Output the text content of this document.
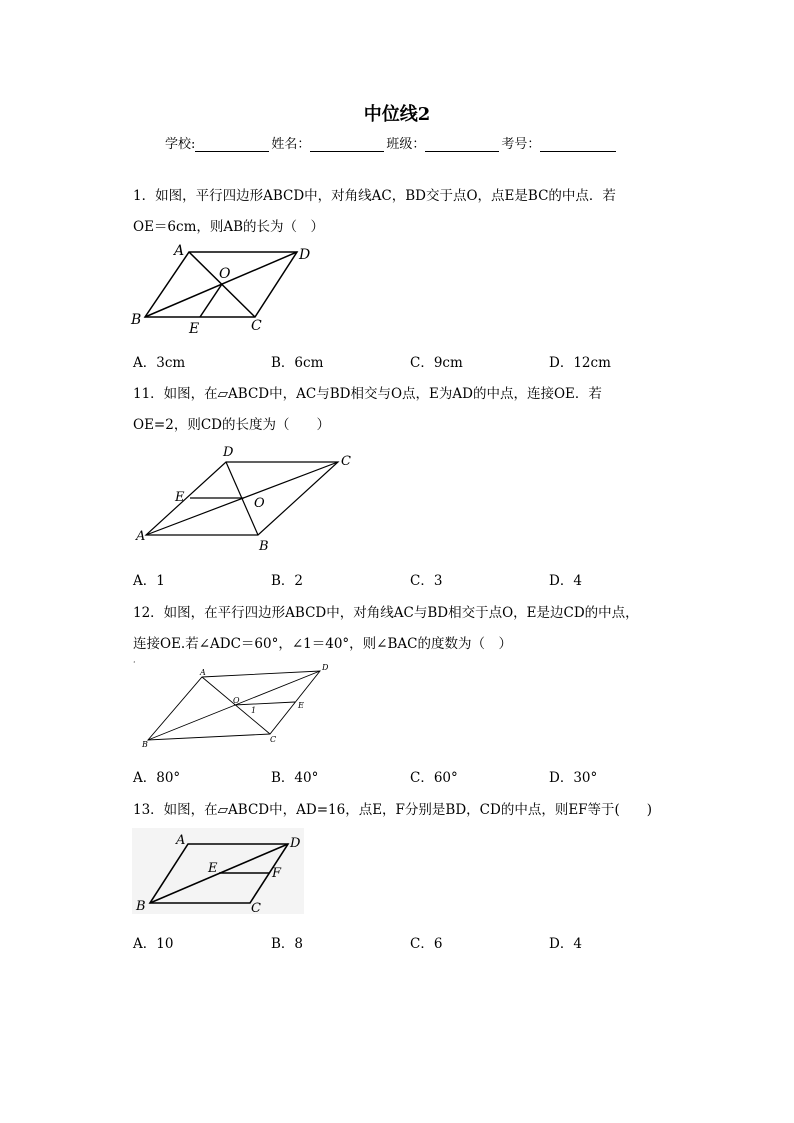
中位线2
学校:	姓名：	班级：	考号：
1．如图，平行四边形ABCD中，对角线AC，BD交于点O，点E是BC的中点．若
OE＝6cm，则AB的长为（　）
A	D
O
B
E	C
A．3cm	B．6cm	C．9cm	D．12cm
11．如图，在▱ABCD中，AC与BD相交与O点，E为AD的中点，连接OE．若
OE=2，则CD的长度为（　　）
D
C
E	O
A
B
A．1	B．2	C．3	D．4
12．如图，在平行四边形ABCD中，对角线AC与BD相交于点O，E是边CD的中点，
连接OE.若∠ADC＝60°，∠1＝40°，则∠BAC的度数为（　）
·
A
D
O
1
E
B
C
A．80°	B．40°	C．60°	D．30°
13．如图，在▱ABCD中，AD=16，点E，F分别是BD，CD的中点，则EF等于(　　)
A	D
E	F
B	C
A．10	B．8	C．6	D．4
